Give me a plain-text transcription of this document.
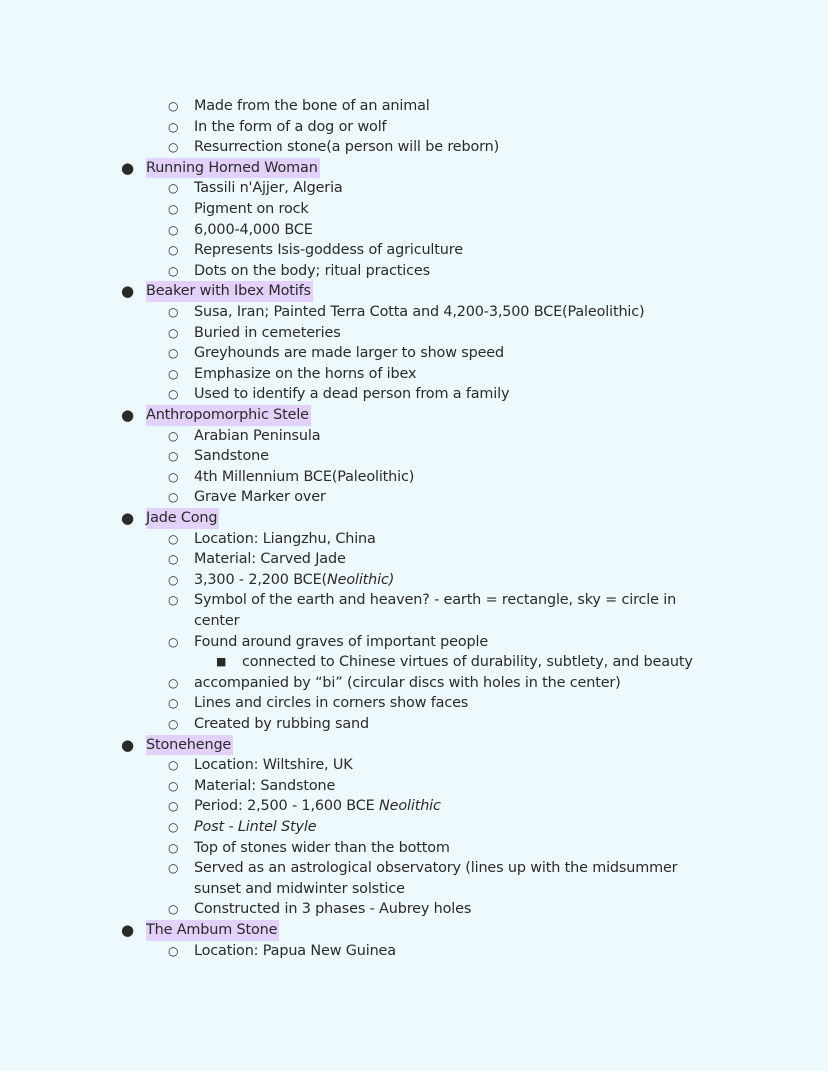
○ Made from the bone of an animal
○ In the form of a dog or wolf
○ Resurrection stone(a person will be reborn)
● Running Horned Woman
○ Tassili n'Ajjer, Algeria
○ Pigment on rock
○ 6,000-4,000 BCE
○ Represents Isis-goddess of agriculture
○ Dots on the body; ritual practices
● Beaker with Ibex Motifs
○ Susa, Iran; Painted Terra Cotta and 4,200-3,500 BCE(Paleolithic)
○ Buried in cemeteries
○ Greyhounds are made larger to show speed
○ Emphasize on the horns of ibex
○ Used to identify a dead person from a family
● Anthropomorphic Stele
○ Arabian Peninsula
○ Sandstone
○ 4th Millennium BCE(Paleolithic)
○ Grave Marker over
● Jade Cong
○ Location: Liangzhu, China
○ Material: Carved Jade
○ 3,300 - 2,200 BCE(Neolithic)
○ Symbol of the earth and heaven? - earth = rectangle, sky = circle in
center
○ Found around graves of important people
■ connected to Chinese virtues of durability, subtlety, and beauty
○ accompanied by “bi” (circular discs with holes in the center)
○ Lines and circles in corners show faces
○ Created by rubbing sand
● Stonehenge
○ Location: Wiltshire, UK
○ Material: Sandstone
○ Period: 2,500 - 1,600 BCE Neolithic
○ Post - Lintel Style
○ Top of stones wider than the bottom
○ Served as an astrological observatory (lines up with the midsummer
sunset and midwinter solstice
○ Constructed in 3 phases - Aubrey holes
● The Ambum Stone
○ Location: Papua New Guinea
